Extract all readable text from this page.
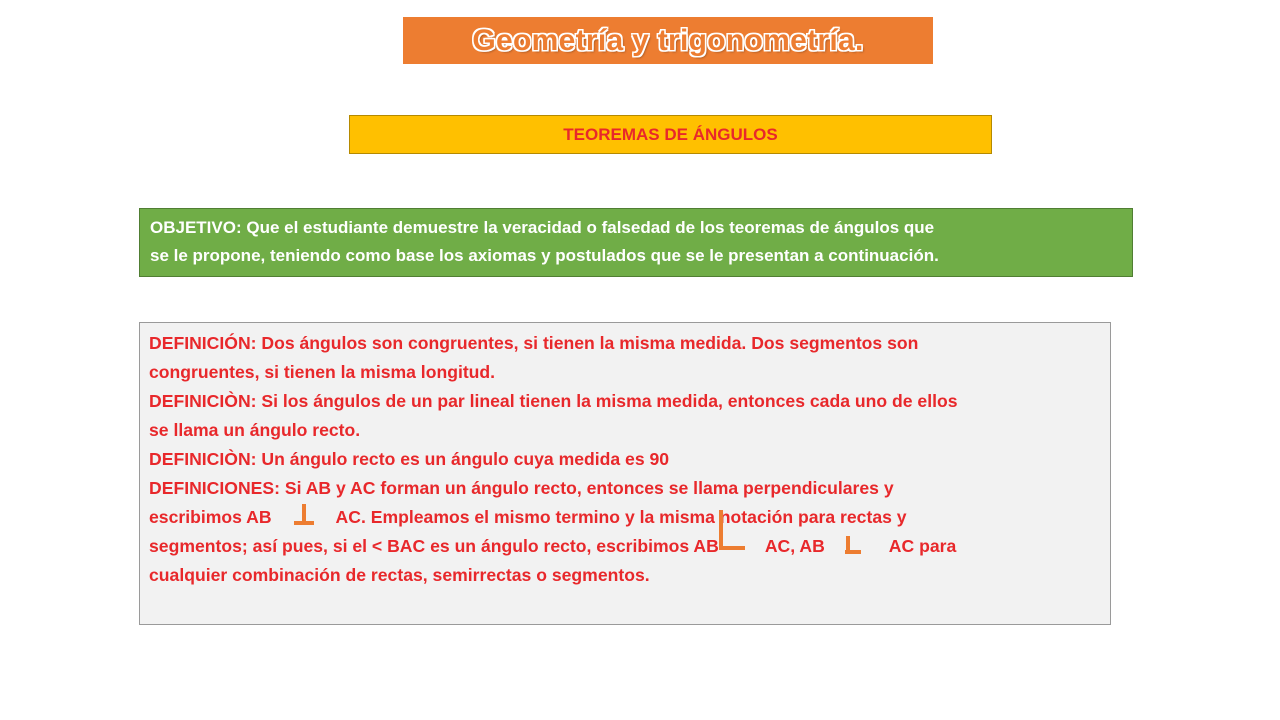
Geometría y trigonometría.
TEOREMAS DE ÁNGULOS
OBJETIVO: Que el estudiante demuestre la veracidad o falsedad de los teoremas de ángulos que
se le propone, teniendo como base los axiomas y postulados que se le presentan a continuación.

DEFINICIÓN: Dos ángulos son congruentes, si tienen la misma medida. Dos segmentos son

congruentes, si tienen la misma longitud.

DEFINICIÒN: Si los ángulos de un par lineal tienen la misma medida, entonces cada uno de ellos

se llama un ángulo recto.

DEFINICIÒN: Un ángulo recto es un ángulo cuya medida es 90

DEFINICIONES: Si AB y AC forman un ángulo recto, entonces se llama perpendiculares y

escribimos AB	AC. Empleamos el mismo termino y la misma notación para rectas y

segmentos; así pues, si el < BAC es un ángulo recto, escribimos AB	AC, AB	AC para

cualquier combinación de rectas, semirrectas o segmentos.
